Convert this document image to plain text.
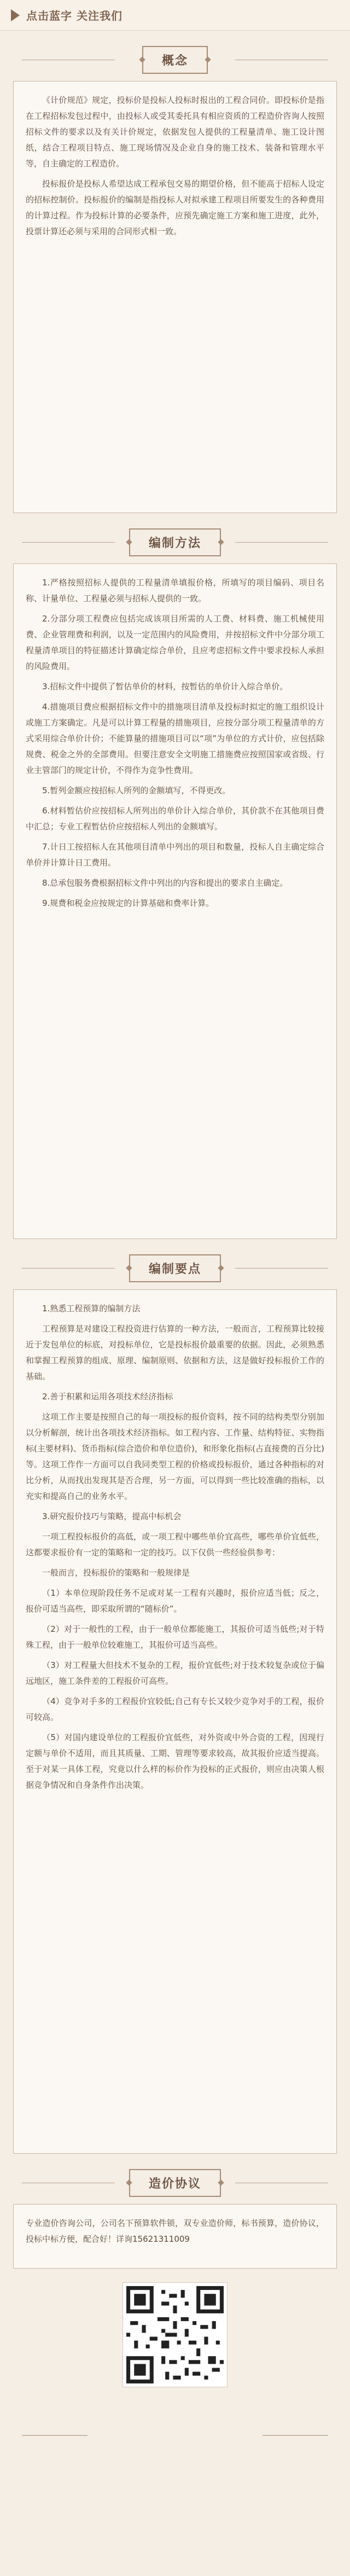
点击蓝字 关注我们
概念

《计价规范》规定，投标价是投标人投标时报出的工程合同价。即投标价是指在工程招标发包过程中，由投标人或受其委托具有相应资质的工程造价咨询人按照招标文件的要求以及有关计价规定，依据发包人提供的工程量清单、施工设计图纸，结合工程项目特点、施工现场情况及企业自身的施工技术、装备和管理水平等，自主确定的工程造价。

投标报价是投标人希望达成工程承包交易的期望价格，但不能高于招标人设定的招标控制价。投标报价的编制是指投标人对拟承建工程项目所要发生的各种费用的计算过程。作为投标计算的必要条件，应预先确定施工方案和施工进度，此外，投票计算还必须与采用的合同形式相一致。

编制方法

1.严格按照招标人提供的工程量清单填报价格，所填写的项目编码、项目名称、计量单位、工程量必须与招标人提供的一致。

2.分部分项工程费应包括完成该项目所需的人工费、材料费、施工机械使用费、企业管理费和利润，以及一定范围内的风险费用，并按招标文件中分部分项工程量清单项目的特征描述计算确定综合单价，且应考虑招标文件中要求投标人承担的风险费用。

3.招标文件中提供了暂估单价的材料，按暂估的单价计入综合单价。

4.措施项目费应根据招标文件中的措施项目清单及投标时拟定的施工组织设计或施工方案确定。凡是可以计算工程量的措施项目，应按分部分项工程量清单的方式采用综合单价计价；不能算量的措施项目可以“项”为单位的方式计价，应包括除规费、税金之外的全部费用。但要注意安全文明施工措施费应按照国家或省级、行业主管部门的规定计价，不得作为竞争性费用。

5.暂列金额应按招标人所列的金额填写，不得更改。

6.材料暂估价应按招标人所列出的单价计入综合单价，其价款不在其他项目费中汇总；专业工程暂估价应按招标人列出的金额填写。

7.计日工按招标人在其他项目清单中列出的项目和数量，投标人自主确定综合单价并计算计日工费用。

8.总承包服务费根据招标文件中列出的内容和提出的要求自主确定。

9.规费和税金应按规定的计算基础和费率计算。

编制要点

1.熟悉工程预算的编制方法

工程预算是对建设工程投资进行估算的一种方法，一般而言，工程预算比较接近于发包单位的标底，对投标单位，它是投标报价最重要的依据。因此，必须熟悉和掌握工程预算的组成、原理、编制原则、依据和方法，这是做好投标报价工作的基础。

2.善于积累和运用各项技术经济指标

这项工作主要是按照自己的每一项投标的报价资料，按不同的结构类型分别加以分析解剖，统计出各项技术经济指标。如工程内容、工作量、结构特征、实物指标(主要材料)、货币指标(综合造价和单位造价)，和形象化指标(占直接费的百分比)等。这项工作作一方面可以自我同类型工程的价格或投标报价，通过各种指标的对比分析，从而找出发现其是否合理，另一方面，可以得到一些比较准确的指标，以充实和提高自己的业务水平。

3.研究报价技巧与策略，提高中标机会

一项工程投标报价的高低，或一项工程中哪些单价宜高些，哪些单价宜低些，这都要求报价有一定的策略和一定的技巧。以下仅供一些经验供参考：

一般而言，投标报价的策略和一般规律是

（1）本单位现阶段任务不足或对某一工程有兴趣时，报价应适当低；反之，报价可适当高些，即采取所谓的“随标价”。

（2）对于一般性的工程，由于一般单位都能施工，其报价可适当低些;对于特殊工程，由于一般单位较难施工，其报价可适当高些。

（3）对工程量大但技术不复杂的工程，报价宜低些;对于技术较复杂或位于偏远地区，施工条件差的工程报价可高些。

（4）竞争对手多的工程报价宜较低;自己有专长又较少竞争对手的工程，报价可较高。

（5）对国内建设单位的工程报价宜低些，对外资或中外合资的工程，因现行定额与单价不适用，而且其质量、工期、管理等要求较高，故其报价应适当提高。至于对某一具体工程，究竟以什么样的标价作为投标的正式报价，则应由决策人根据竞争情况和自身条件作出决策。

造价协议

专业造价咨询公司，公司名下预算软件锁，双专业造价师，标书预算，造价协议，投标中标方便，配合好！详询15621311009
